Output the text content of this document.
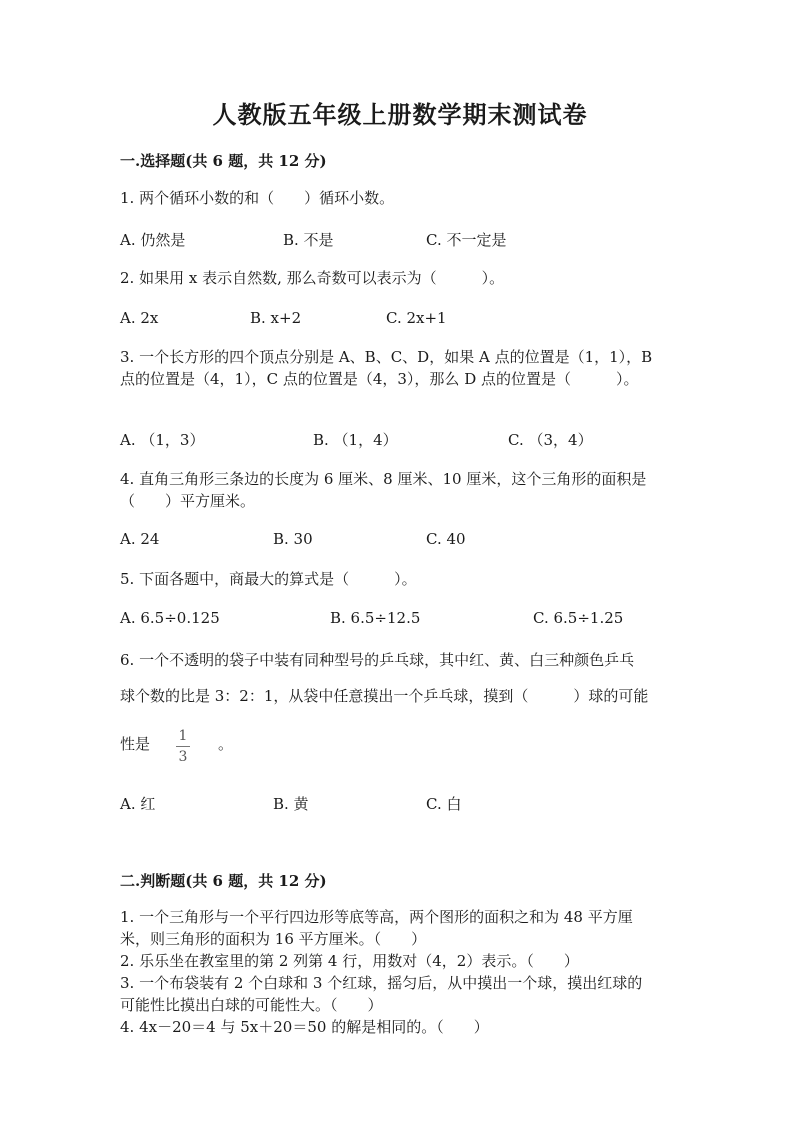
人教版五年级上册数学期末测试卷
一.选择题(共 6 题，共 12 分)
1. 两个循环小数的和（　　）循环小数。
A. 仍然是	B. 不是	C. 不一定是
2. 如果用 x 表示自然数, 那么奇数可以表示为（　　　）。
A. 2x	B. x+2	C. 2x+1
3. 一个长方形的四个顶点分别是 A、B、C、D，如果 A 点的位置是（1，1），B
点的位置是（4，1），C 点的位置是（4，3），那么 D 点的位置是（　　　）。
A. （1，3）	B. （1，4）	C. （3，4）
4. 直角三角形三条边的长度为 6 厘米、8 厘米、10 厘米，这个三角形的面积是
（　　）平方厘米。
A. 24	B. 30	C. 40
5. 下面各题中，商最大的算式是（　　　）。
A. 6.5÷0.125	B. 6.5÷12.5	C. 6.5÷1.25
6. 一个不透明的袋子中装有同种型号的乒乓球，其中红、黄、白三种颜色乒乓
球个数的比是 3：2：1，从袋中任意摸出一个乒乓球，摸到（　　　）球的可能
性是 1
3
。
A. 红	B. 黄	C. 白
二.判断题(共 6 题，共 12 分)
1. 一个三角形与一个平行四边形等底等高，两个图形的面积之和为 48 平方厘
米，则三角形的面积为 16 平方厘米。（　　）
2. 乐乐坐在教室里的第 2 列第 4 行，用数对（4，2）表示。（　　）
3. 一个布袋装有 2 个白球和 3 个红球，摇匀后，从中摸出一个球，摸出红球的
可能性比摸出白球的可能性大。（　　）
4. 4x－20＝4 与 5x＋20＝50 的解是相同的。（　　）
